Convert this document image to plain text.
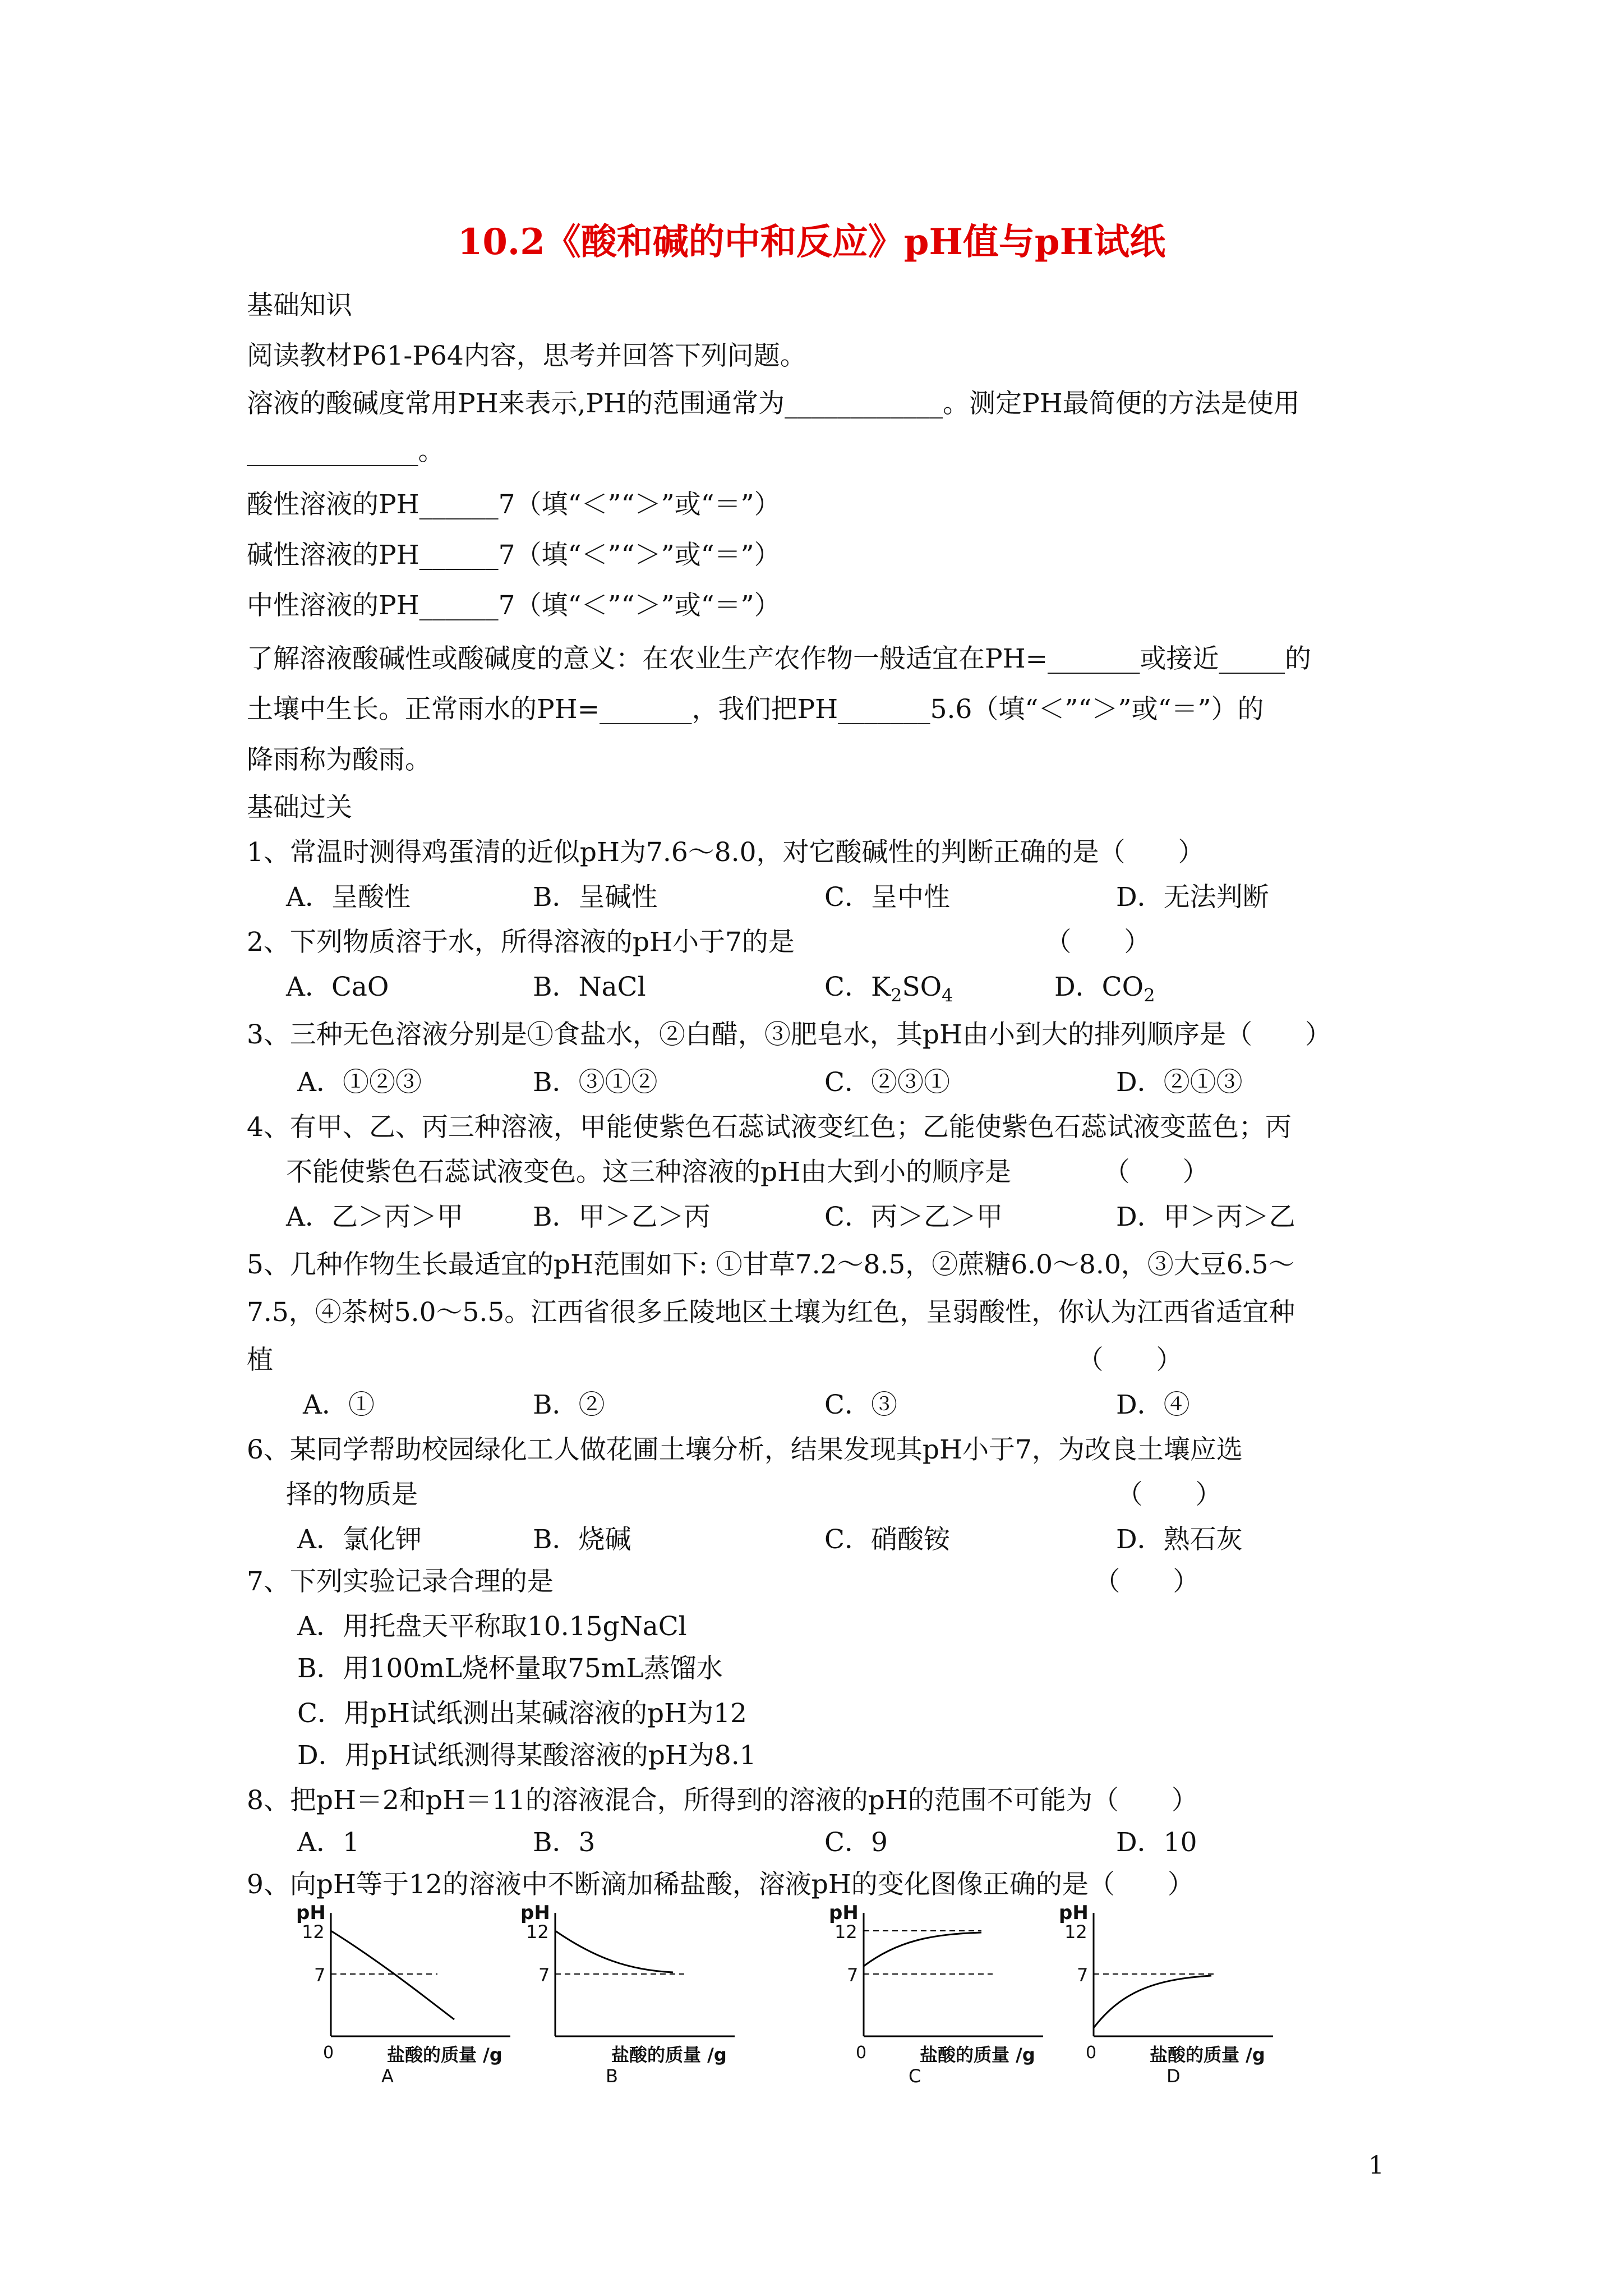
10.2《酸和碱的中和反应》pH值与pH试纸
基础知识
阅读教材P61-P64内容，思考并回答下列问题。
溶液的酸碱度常用PH来表示,PH的范围通常为____________。测定PH最简便的方法是使用
_____________。
酸性溶液的PH______7（填“＜”“＞”或“＝”）
碱性溶液的PH______7（填“＜”“＞”或“＝”）
中性溶液的PH______7（填“＜”“＞”或“＝”）
了解溶液酸碱性或酸碱度的意义：在农业生产农作物一般适宜在PH=_______或接近_____的
土壤中生长。正常雨水的PH=_______，我们把PH_______5.6（填“＜”“＞”或“＝”）的
降雨称为酸雨。
基础过关
1、常温时测得鸡蛋清的近似pH为7.6～8.0，对它酸碱性的判断正确的是（　　）
A．呈酸性	B．呈碱性	C．呈中性	D．无法判断
2、下列物质溶于水，所得溶液的pH小于7的是　　　　　　　　　　（　　）
A．CaO	B．NaCl	C．$K_2SO_4$	D．$CO_2$
3、三种无色溶液分别是①食盐水，②白醋，③肥皂水，其pH由小到大的排列顺序是（　　）
A．①②③	B．③①②	C．②③①	D．②①③
4、有甲、乙、丙三种溶液，甲能使紫色石蕊试液变红色；乙能使紫色石蕊试液变蓝色；丙
不能使紫色石蕊试液变色。这三种溶液的pH由大到小的顺序是　　　　（　　）
A．乙＞丙＞甲	B．甲＞乙＞丙	C．丙＞乙＞甲	D．甲＞丙＞乙
5、几种作物生长最适宜的pH范围如下: ①甘草7.2～8.5，②蔗糖6.0～8.0，③大豆6.5～
7.5，④茶树5.0～5.5。江西省很多丘陵地区土壤为红色，呈弱酸性，你认为江西省适宜种
植　　　　　　　　　　　　　　　　　　　　　　　　　　　　　　　（　　）
A．①	B．②	C．③	D．④
6、某同学帮助校园绿化工人做花圃土壤分析，结果发现其pH小于7，为改良土壤应选
择的物质是　　　　　　　　　　　　　　　　　　　　　　　　　　　（　　）
A．氯化钾	B．烧碱	C．硝酸铵	D．熟石灰
7、下列实验记录合理的是　　　　　　　　　　　　　　　　　　　　　（　　）
A．用托盘天平称取10.15gNaCl
B．用100mL烧杯量取75mL蒸馏水
C．用pH试纸测出某碱溶液的pH为12
D．用pH试纸测得某酸溶液的pH为8.1
8、把pH＝2和pH＝11的溶液混合，所得到的溶液的pH的范围不可能为（　　）
A．1	B．3	C．9	D．10
9、向pH等于12的溶液中不断滴加稀盐酸，溶液pH的变化图像正确的是（　　）
pH
12
7
0	盐酸的质量 /g
A
pH
12
7
盐酸的质量 /g
B
pH
12
7
0	盐酸的质量 /g
C
pH
12
7
0	盐酸的质量 /g
D
1
